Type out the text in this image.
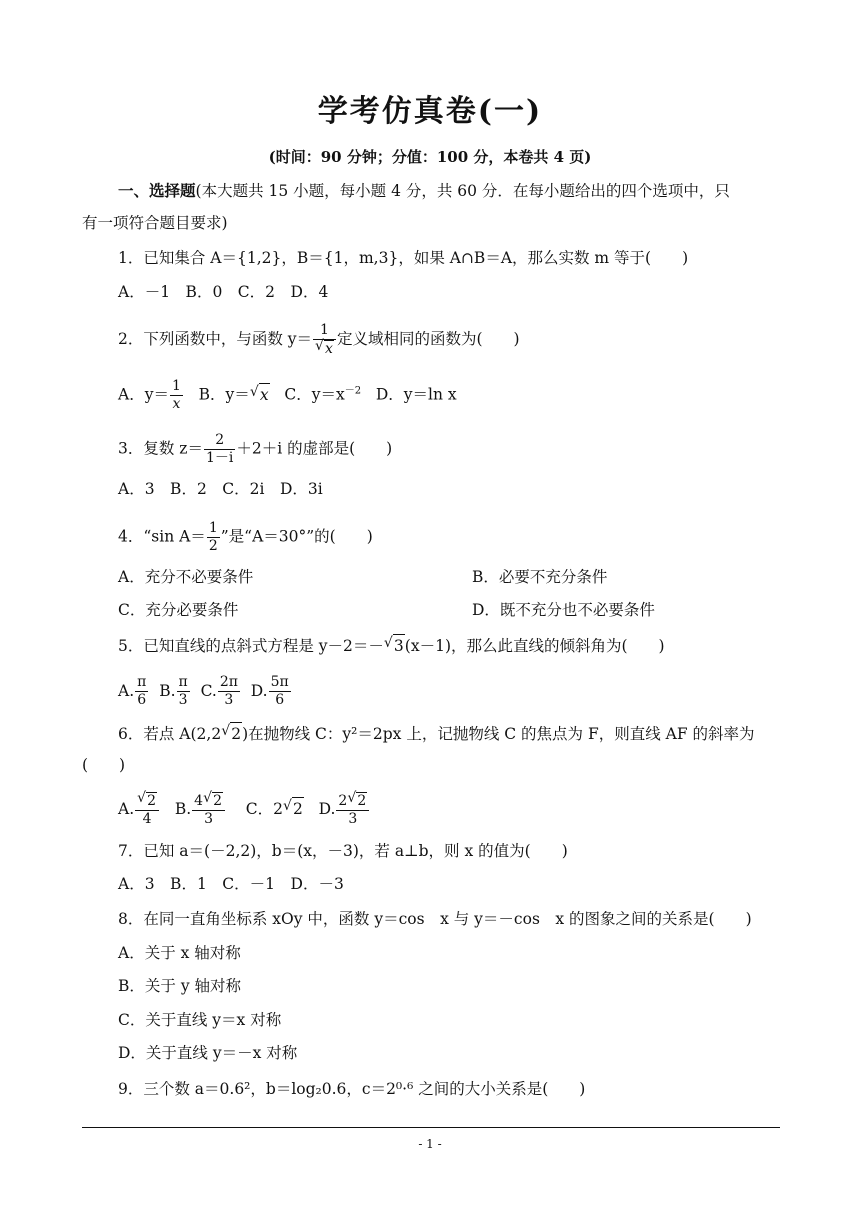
学考仿真卷(一)
(时间：90 分钟；分值：100 分，本卷共 4 页)
一、选择题(本大题共 15 小题，每小题 4 分，共 60 分．在每小题给出的四个选项中，只
有一项符合题目要求)
1．已知集合 A＝{1,2}，B＝{1，m,3}，如果 A∩B＝A，那么实数 m 等于(　　)
A．－1　B．0　C．2　D．4
2．下列函数中，与函数 y＝ 1
√ x 定义域相同的函数为(　　)
A．$y= \frac{1}{x}$ B．y＝ √ x C．$y=x^{-2}$ D．y＝ln x
3．复数 $z= \frac{2}{1-i} +2+i$ 的虚部是(　　)
A．3　B．2　C．2i　D．3i
4．“sin $A= \frac{1}{2}$ ”是“A＝30°”的(　　)
A．充分不必要条件	B．必要不充分条件
C．充分必要条件	D．既不充分也不必要条件
5．已知直线的点斜式方程是 y－2＝－ √ 3(x－1)，那么此直线的倾斜角为(　　)
A. $\frac{\pi}{6} B$. $\frac{\pi}{3} C$. $\frac{2\pi}{3} D$. $\frac{5\pi}{6}$
6．若点 A(2,2 √ 2)在抛物线 C：y²＝2px 上，记抛物线 C 的焦点为 F，则直线 AF 的斜率为
(　　)
A. √ $\frac{2}{4} B$. $\frac{4 √ 2}{3}$ C．2 √ 2 D. $\frac{2 √ 2}{3}$
7．已知 a＝(－2,2)，b＝(x，－3)，若 a⊥b，则 x 的值为(　　)
A．3　B．1　C．－1　D．－3
8．在同一直角坐标系 xOy 中，函数 y＝cos　x 与 y＝－cos　x 的图象之间的关系是(　　)
A．关于 x 轴对称
B．关于 y 轴对称
C．关于直线 y＝x 对称
D．关于直线 y＝－x 对称
9．三个数 a＝0.6²，b＝log₂0.6，c＝2⁰·⁶ 之间的大小关系是(　　)
- 1 -
